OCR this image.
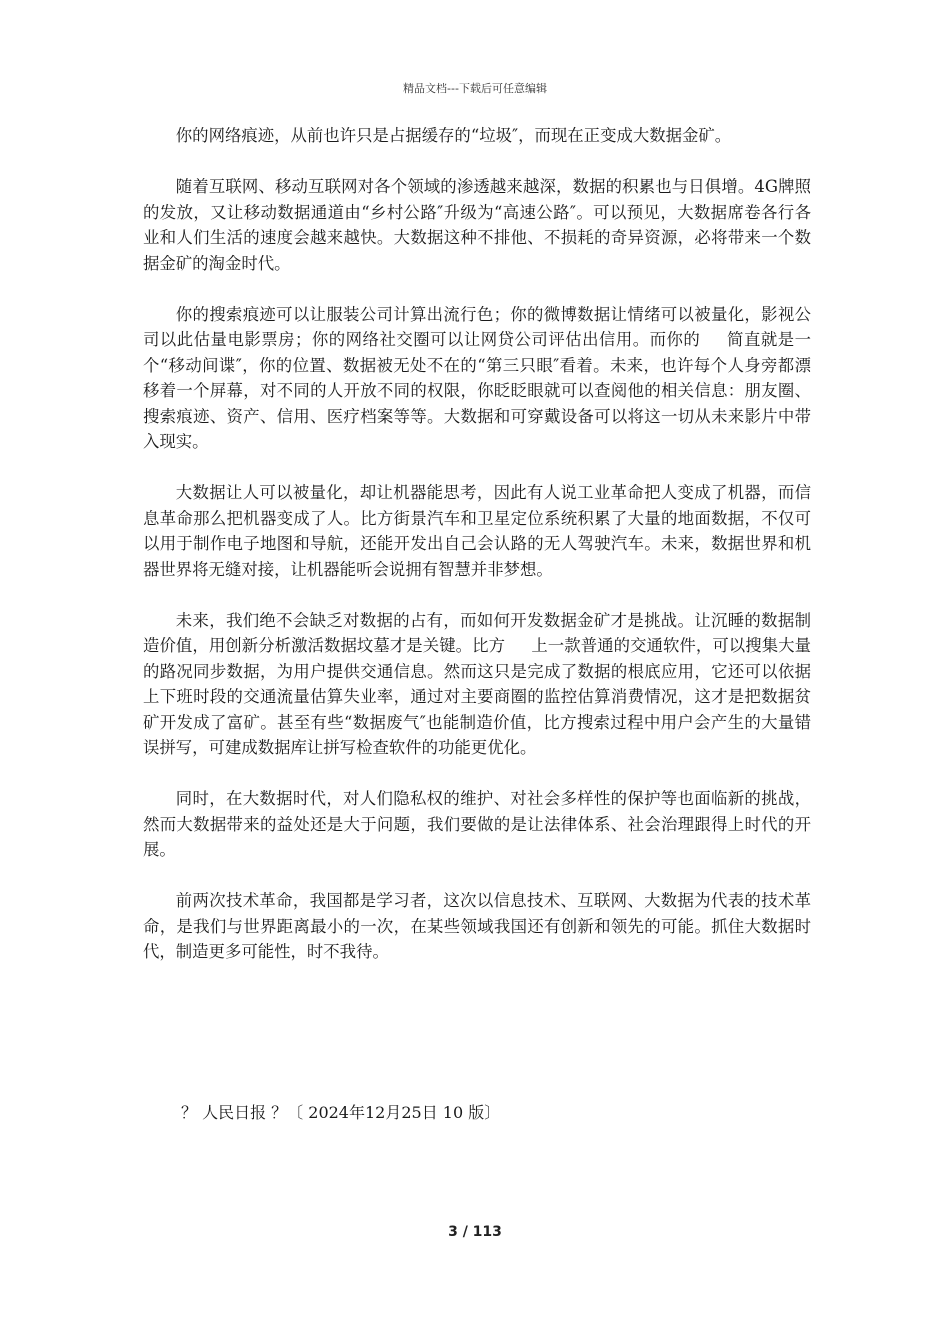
精品文档---下载后可任意编辑

你的网络痕迹，从前也许只是占据缓存的“垃圾″，而现在正变成大数据金矿。

随着互联网、移动互联网对各个领域的渗透越来越深，数据的积累也与日俱增。4G牌照的发放，又让移动数据通道由“乡村公路″升级为“高速公路″。可以预见，大数据席卷各行各业和人们生活的速度会越来越快。大数据这种不排他、不损耗的奇异资源，必将带来一个数据金矿的淘金时代。

你的搜索痕迹可以让服装公司计算出流行色；你的微博数据让情绪可以被量化，影视公司以此估量电影票房；你的网络社交圈可以让网贷公司评估出信用。而你的 简直就是一个“移动间谍″，你的位置、数据被无处不在的“第三只眼″看着。未来，也许每个人身旁都漂移着一个屏幕，对不同的人开放不同的权限，你眨眨眼就可以查阅他的相关信息：朋友圈、搜索痕迹、资产、信用、医疗档案等等。大数据和可穿戴设备可以将这一切从未来影片中带入现实。

大数据让人可以被量化，却让机器能思考，因此有人说工业革命把人变成了机器，而信息革命那么把机器变成了人。比方街景汽车和卫星定位系统积累了大量的地面数据，不仅可以用于制作电子地图和导航，还能开发出自己会认路的无人驾驶汽车。未来，数据世界和机器世界将无缝对接，让机器能听会说拥有智慧并非梦想。

未来，我们绝不会缺乏对数据的占有，而如何开发数据金矿才是挑战。让沉睡的数据制造价值，用创新分析激活数据坟墓才是关键。比方 上一款普通的交通软件，可以搜集大量的路况同步数据，为用户提供交通信息。然而这只是完成了数据的根底应用，它还可以依据上下班时段的交通流量估算失业率，通过对主要商圈的监控估算消费情况，这才是把数据贫矿开发成了富矿。甚至有些“数据废气″也能制造价值，比方搜索过程中用户会产生的大量错误拼写，可建成数据库让拼写检查软件的功能更优化。

同时，在大数据时代，对人们隐私权的维护、对社会多样性的保护等也面临新的挑战，然而大数据带来的益处还是大于问题，我们要做的是让法律体系、社会治理跟得上时代的开展。

前两次技术革命，我国都是学习者，这次以信息技术、互联网、大数据为代表的技术革命，是我们与世界距离最小的一次，在某些领域我国还有创新和领先的可能。抓住大数据时代，制造更多可能性，时不我待。

？ 人民日报 ？〔 2024年12月25日 10 版〕
3 / 113
